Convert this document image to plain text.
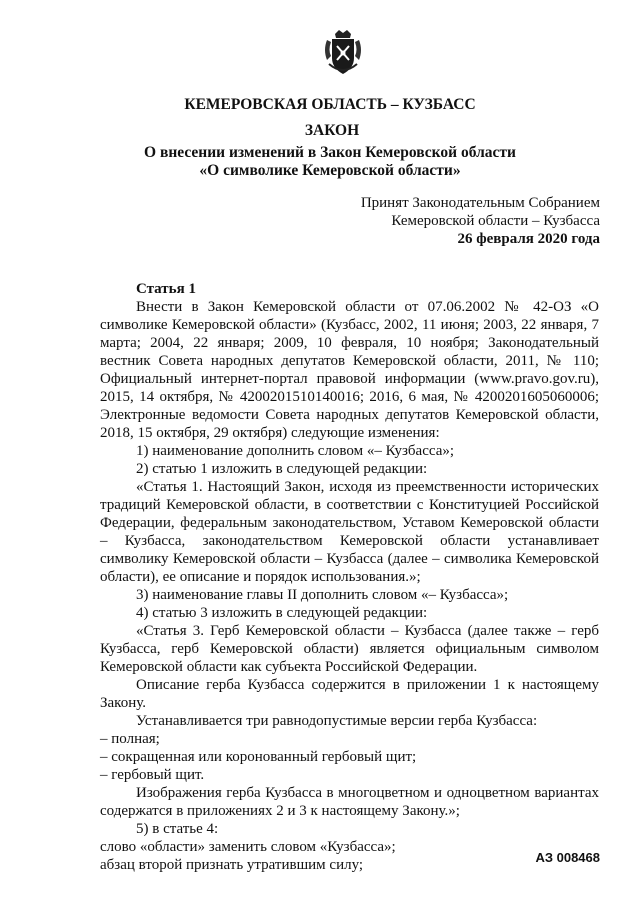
КЕМЕРОВСКАЯ ОБЛАСТЬ – КУЗБАСС
ЗАКОН
О внесении изменений в Закон Кемеровской области
«О символике Кемеровской области»
Принят Законодательным Собранием
Кемеровской области – Кузбасса
26 февраля 2020 года

Статья 1

Внести в Закон Кемеровской области от 07.06.2002 № 42-ОЗ «О символике Кемеровской области» (Кузбасс, 2002, 11 июня; 2003, 22 января, 7 марта; 2004, 22 января; 2009, 10 февраля, 10 ноября; Законодательный вестник Совета народных депутатов Кемеровской области, 2011, № 110; Официальный интернет-портал правовой информации (www.pravo.gov.ru), 2015, 14 октября, № 4200201510140016; 2016, 6 мая, № 4200201605060006; Электронные ведомости Совета народных депутатов Кемеровской области, 2018, 15 октября, 29 октября) следующие изменения:

1) наименование дополнить словом «– Кузбасса»;

2) статью 1 изложить в следующей редакции:

«Статья 1. Настоящий Закон, исходя из преемственности исторических традиций Кемеровской области, в соответствии с Конституцией Российской Федерации, федеральным законодательством, Уставом Кемеровской области – Кузбасса, законодательством Кемеровской области устанавливает символику Кемеровской области – Кузбасса (далее – символика Кемеровской области), ее описание и порядок использования.»;

3) наименование главы II дополнить словом «– Кузбасса»;

4) статью 3 изложить в следующей редакции:

«Статья 3. Герб Кемеровской области – Кузбасса (далее также – герб Кузбасса, герб Кемеровской области) является официальным символом Кемеровской области как субъекта Российской Федерации.

Описание герба Кузбасса содержится в приложении 1 к настоящему Закону.

Устанавливается три равнодопустимые версии герба Кузбасса:

– полная;

– сокращенная или коронованный гербовый щит;

– гербовый щит.

Изображения герба Кузбасса в многоцветном и одноцветном вариантах содержатся в приложениях 2 и 3 к настоящему Закону.»;

5) в статье 4:

слово «области» заменить словом «Кузбасса»;

абзац второй признать утратившим силу;	АЗ 008468
